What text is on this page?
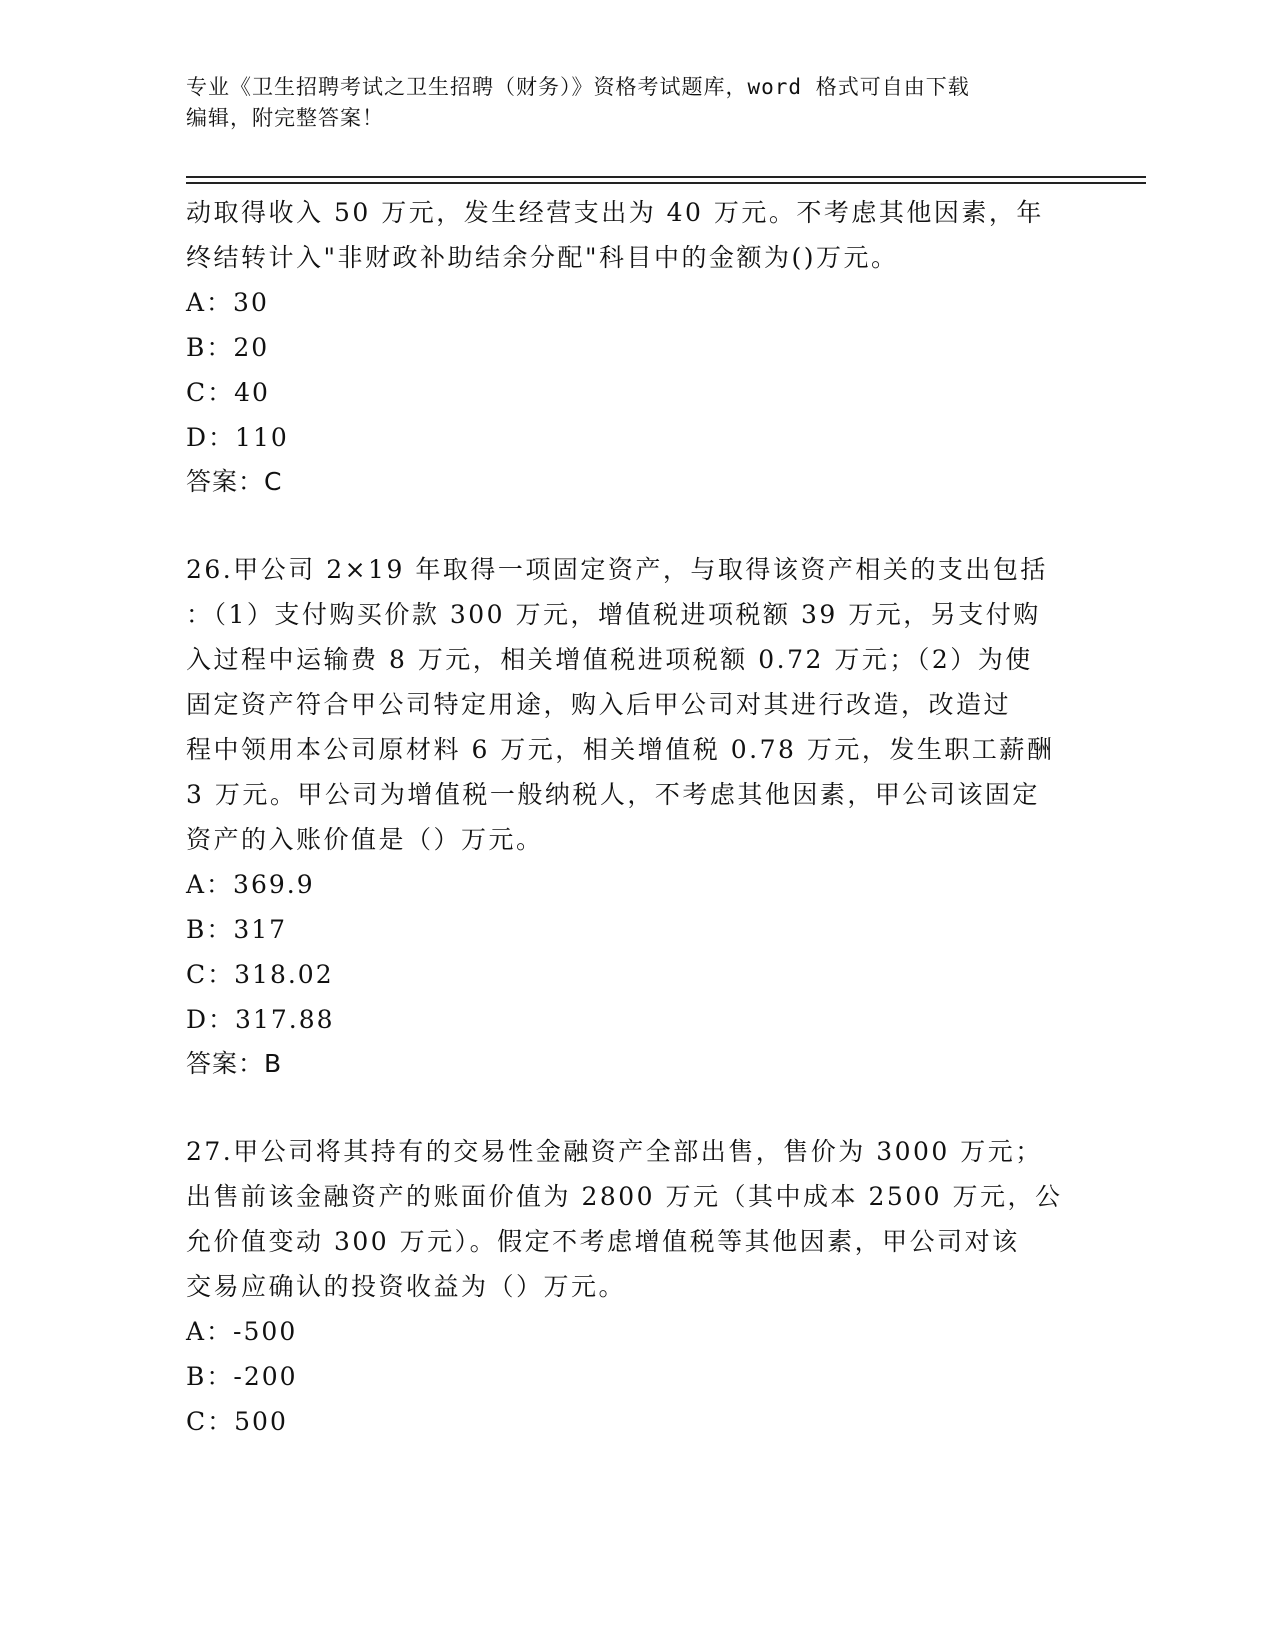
专业《卫生招聘考试之卫生招聘（财务）》资格考试题库，word 格式可自由下载
编辑，附完整答案！

动取得收入 50 万元，发生经营支出为 40 万元。不考虑其他因素，年

终结转计入"非财政补助结余分配"科目中的金额为()万元。

A：30

B：20

C：40

D：110

答案：C

26.甲公司 2×19 年取得一项固定资产，与取得该资产相关的支出包括

：（1）支付购买价款 300 万元，增值税进项税额 39 万元，另支付购

入过程中运输费 8 万元，相关增值税进项税额 0.72 万元；（2）为使

固定资产符合甲公司特定用途，购入后甲公司对其进行改造，改造过

程中领用本公司原材料 6 万元，相关增值税 0.78 万元，发生职工薪酬

3 万元。甲公司为增值税一般纳税人，不考虑其他因素，甲公司该固定

资产的入账价值是（）万元。

A：369.9

B：317

C：318.02

D：317.88

答案：B

27.甲公司将其持有的交易性金融资产全部出售，售价为 3000 万元；

出售前该金融资产的账面价值为 2800 万元（其中成本 2500 万元，公

允价值变动 300 万元）。假定不考虑增值税等其他因素，甲公司对该

交易应确认的投资收益为（）万元。

A：-500

B：-200

C：500
